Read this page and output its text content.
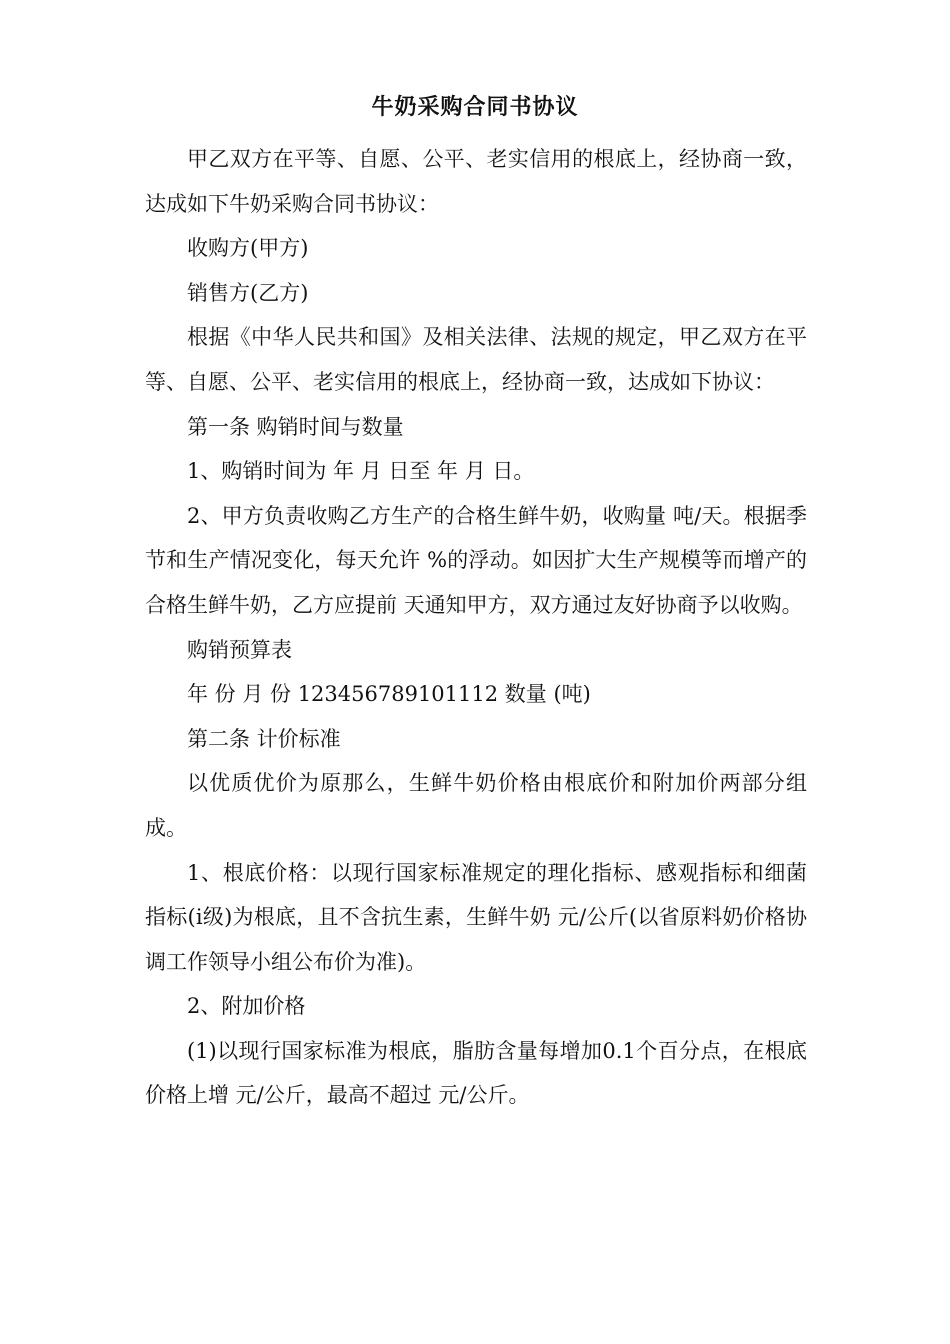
牛奶采购合同书协议

甲乙双方在平等、自愿、公平、老实信用的根底上，经协商一致，达成如下牛奶采购合同书协议：

收购方(甲方)

销售方(乙方)

根据《中华人民共和国》及相关法律、法规的规定，甲乙双方在平等、自愿、公平、老实信用的根底上，经协商一致，达成如下协议：

第一条 购销时间与数量

1、购销时间为 年 月 日至 年 月 日。

2、甲方负责收购乙方生产的合格生鲜牛奶，收购量 吨/天。根据季节和生产情况变化，每天允许 %的浮动。如因扩大生产规模等而增产的合格生鲜牛奶，乙方应提前 天通知甲方，双方通过友好协商予以收购。

购销预算表

年 份 月 份 123456789101112 数量 (吨)

第二条 计价标准

以优质优价为原那么，生鲜牛奶价格由根底价和附加价两部分组成。

1、根底价格：以现行国家标准规定的理化指标、感观指标和细菌指标(ⅰ级)为根底，且不含抗生素，生鲜牛奶 元/公斤(以省原料奶价格协调工作领导小组公布价为准)。

2、附加价格

(1)以现行国家标准为根底，脂肪含量每增加0.1个百分点，在根底价格上增 元/公斤，最高不超过 元/公斤。
